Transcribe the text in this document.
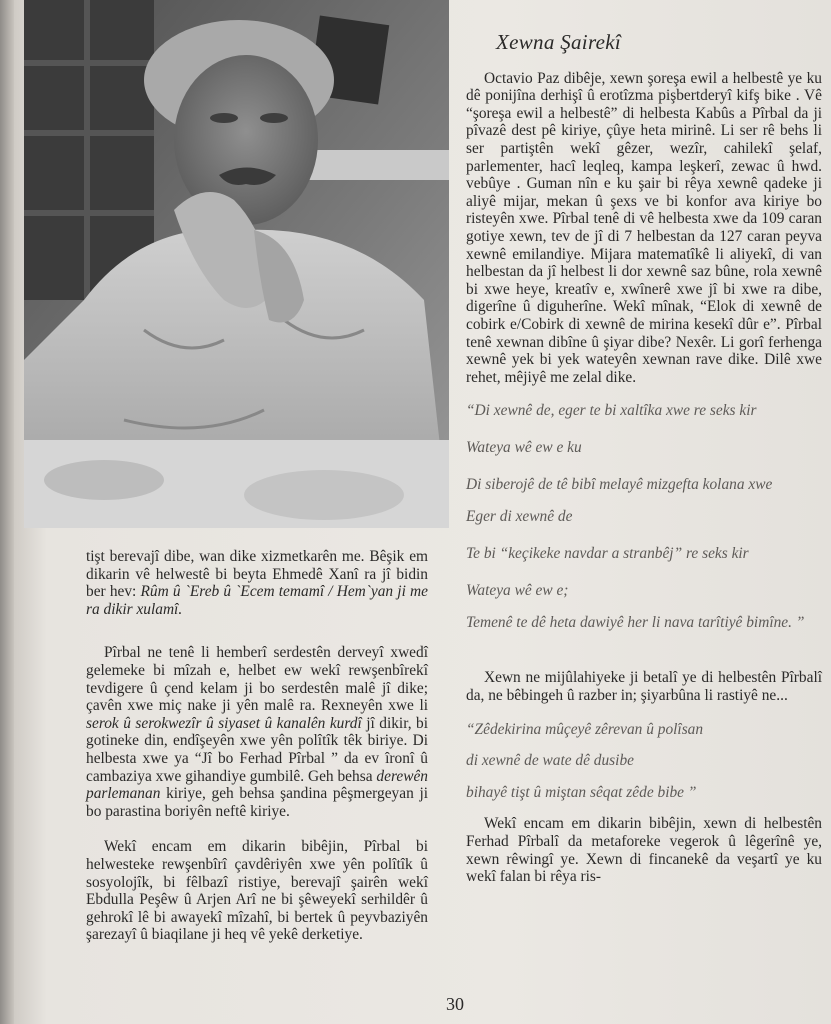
tişt berevajî dibe, wan dike xizmetkarên me. Bêşik em dikarin vê helwestê bi beyta Ehmedê Xanî ra jî bidin ber hev: Rûm û `Ereb û `Ecem temamî / Hem`yan ji me ra dikir xulamî.

Pîrbal ne tenê li hemberî serdestên derveyî xwedî gelemeke bi mîzah e, helbet ew wekî rewşenbîrekî tevdigere û çend kelam ji bo serdestên malê jî dike; çavên xwe miç nake ji yên malê ra. Rexneyên xwe li serok û serokwezîr û siyaset û kanalên kurdî jî dikir, bi gotineke din, endîşeyên xwe yên polîtîk têk biriye. Di helbesta xwe ya “Jî bo Ferhad Pîrbal ” da ev îronî û cambaziya xwe gihandiye gumbilê. Geh behsa derewên parlemanan kiriye, geh behsa şandina pêşmergeyan ji bo parastina boriyên neftê kiriye.

Wekî encam em dikarin bibêjin, Pîrbal bi helwesteke rewşenbîrî çavdêriyên xwe yên polîtîk û sosyolojîk, bi fêlbazî ristiye, berevajî şairên wekî Ebdulla Peşêw û Arjen Arî ne bi şêweyekî serhildêr û gehrokî lê bi awayekî mîzahî, bi bertek û peyvbaziyên şarezayî û biaqilane ji heq vê yekê derketiye.

Xewna Şairekî

Octavio Paz dibêje, xewn şoreşa ewil a helbestê ye ku dê ponijîna derhişî û erotîzma pişbertderyî kifş bike . Vê “şoreşa ewil a helbestê” di helbesta Kabûs a Pîrbal da ji pîvazê dest pê kiriye, çûye heta mirinê. Li ser rê behs li ser partiştên wekî gêzer, wezîr, cahilekî şelaf, parlementer, hacî leqleq, kampa leşkerî, zewac û hwd. vebûye . Guman nîn e ku şair bi rêya xewnê qadeke ji aliyê mijar, mekan û şexs ve bi konfor ava kiriye bo risteyên xwe. Pîrbal tenê di vê helbesta xwe da 109 caran gotiye xewn, tev de jî di 7 helbestan da 127 caran peyva xewnê emilandiye. Mijara matematîkê li aliyekî, di van helbestan da jî helbest li dor xewnê saz bûne, rola xewnê bi xwe heye, kreatîv e, xwînerê xwe jî bi xwe ra dibe, digerîne û diguherîne. Wekî mînak, “Elok di xewnê de cobirk e/Cobirk di xewnê de mirina kesekî dûr e”. Pîrbal tenê xewnan dibîne û şiyar dibe? Nexêr. Li gorî ferhenga xewnê yek bi yek wateyên xewnan rave dike. Dilê xwe rehet, mêjiyê me zelal dike.

“Di xewnê de, eger te bi xaltîka xwe re seks kir

Wateya wê ew e ku

Di siberojê de tê bibî melayê mizgefta kolana xwe

Eger di xewnê de

Te bi “keçikeke navdar a stranbêj” re seks kir

Wateya wê ew e;

Temenê te dê heta dawiyê her li nava tarîtiyê bimîne. ”

Xewn ne mijûlahiyeke ji betalî ye di helbestên Pîrbalî da, ne bêbingeh û razber in; şiyarbûna li rastiyê ne...

“Zêdekirina mûçeyê zêrevan û polîsan

di xewnê de wate dê dusibe

bihayê tişt û miştan sêqat zêde bibe ”

Wekî encam em dikarin bibêjin, xewn di helbestên Ferhad Pîrbalî da metaforeke vegerok û lêgerînê ye, xewn rêwingî ye. Xewn di fincanekê da veşartî ye ku wekî falan bi rêya ris-

30
